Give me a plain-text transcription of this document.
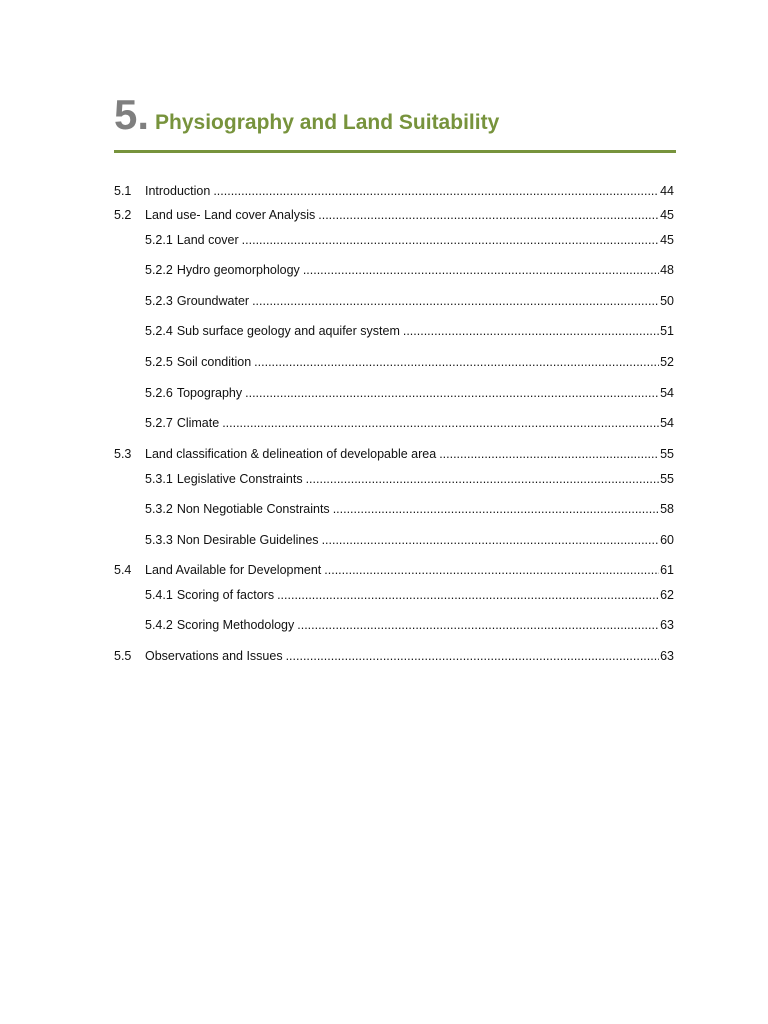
5. Physiography and Land Suitability
5.1	Introduction .....	44
5.2	Land use- Land cover Analysis .....	45
5.2.1 Land cover .....	45
5.2.2 Hydro geomorphology .....	48
5.2.3 Groundwater .....	50
5.2.4 Sub surface geology and aquifer system .....	51
5.2.5 Soil condition .....	52
5.2.6 Topography .....	54
5.2.7 Climate .....	54
5.3	Land classification & delineation of developable area .....	55
5.3.1 Legislative Constraints .....	55
5.3.2 Non Negotiable Constraints .....	58
5.3.3 Non Desirable Guidelines .....	60
5.4	Land Available for Development .....	61
5.4.1 Scoring of factors .....	62
5.4.2 Scoring Methodology .....	63
5.5	Observations and Issues .....	63
